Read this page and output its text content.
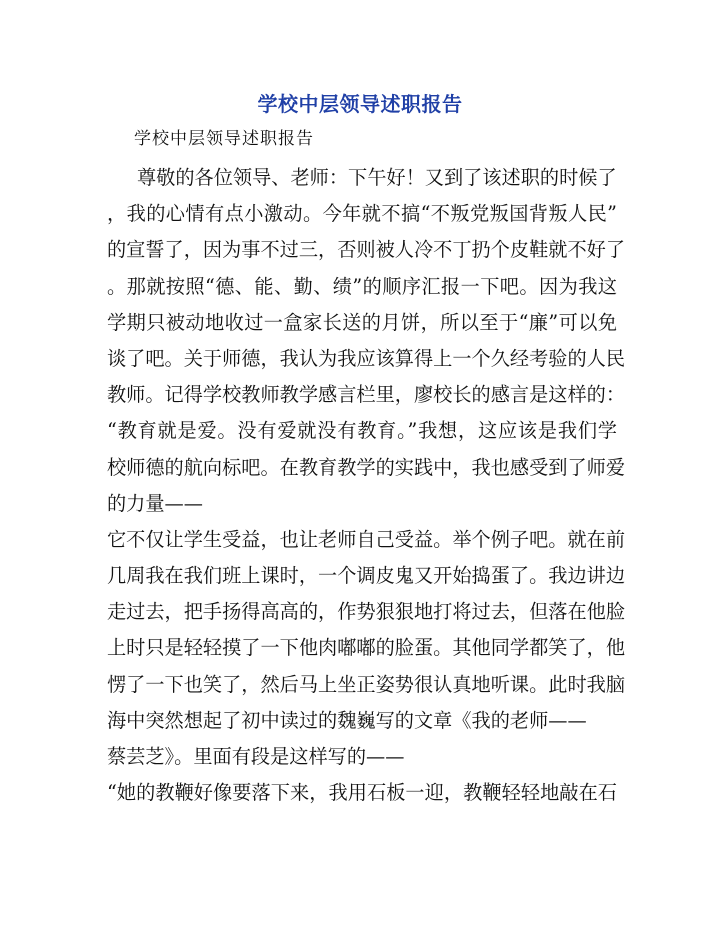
学校中层领导述职报告

学校中层领导述职报告

尊敬的各位领导、老师：下午好！又到了该述职的时候了
，我的心情有点小激动。今年就不搞“不叛党叛国背叛人民”
的宣誓了，因为事不过三，否则被人冷不丁扔个皮鞋就不好了
。那就按照“德、能、勤、绩”的顺序汇报一下吧。因为我这
学期只被动地收过一盒家长送的月饼，所以至于“廉”可以免
谈了吧。关于师德，我认为我应该算得上一个久经考验的人民
教师。记得学校教师教学感言栏里，廖校长的感言是这样的：
“教育就是爱。没有爱就没有教育。”我想，这应该是我们学
校师德的航向标吧。在教育教学的实践中，我也感受到了师爱
的力量——
它不仅让学生受益，也让老师自己受益。举个例子吧。就在前
几周我在我们班上课时，一个调皮鬼又开始捣蛋了。我边讲边
走过去，把手扬得高高的，作势狠狠地打将过去，但落在他脸
上时只是轻轻摸了一下他肉嘟嘟的脸蛋。其他同学都笑了，他
愣了一下也笑了，然后马上坐正姿势很认真地听课。此时我脑
海中突然想起了初中读过的魏巍写的文章《我的老师——
蔡芸芝》。里面有段是这样写的——
“她的教鞭好像要落下来，我用石板一迎，教鞭轻轻地敲在石
